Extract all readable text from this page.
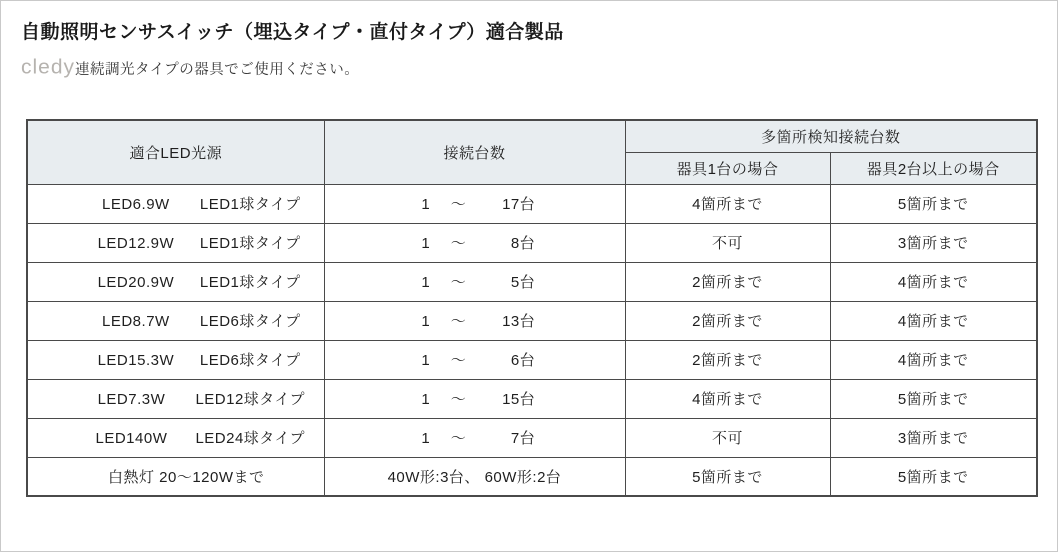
自動照明センサスイッチ（埋込タイプ・直付タイプ）適合製品
cledy 連続調光タイプの器具でご使用ください。
適合LED光源	接続台数	多箇所検知接続台数	
		器具1台の場合	器具2台以上の場合
LED6.9W LED1球タイプ	1 ～ 17台	4箇所まで	5箇所まで
LED12.9W LED1球タイプ	1 ～ 8台	不可	3箇所まで
LED20.9W LED1球タイプ	1 ～ 5台	2箇所まで	4箇所まで
LED8.7W LED6球タイプ	1 ～ 13台	2箇所まで	4箇所まで
LED15.3W LED6球タイプ	1 ～ 6台	2箇所まで	4箇所まで
LED7.3W LED12球タイプ	1 ～ 15台	4箇所まで	5箇所まで
LED140W LED24球タイプ	1 ～ 7台	不可	3箇所まで
白熱灯 20～120Wまで	40W形:3台、 60W形:2台	5箇所まで	5箇所まで
